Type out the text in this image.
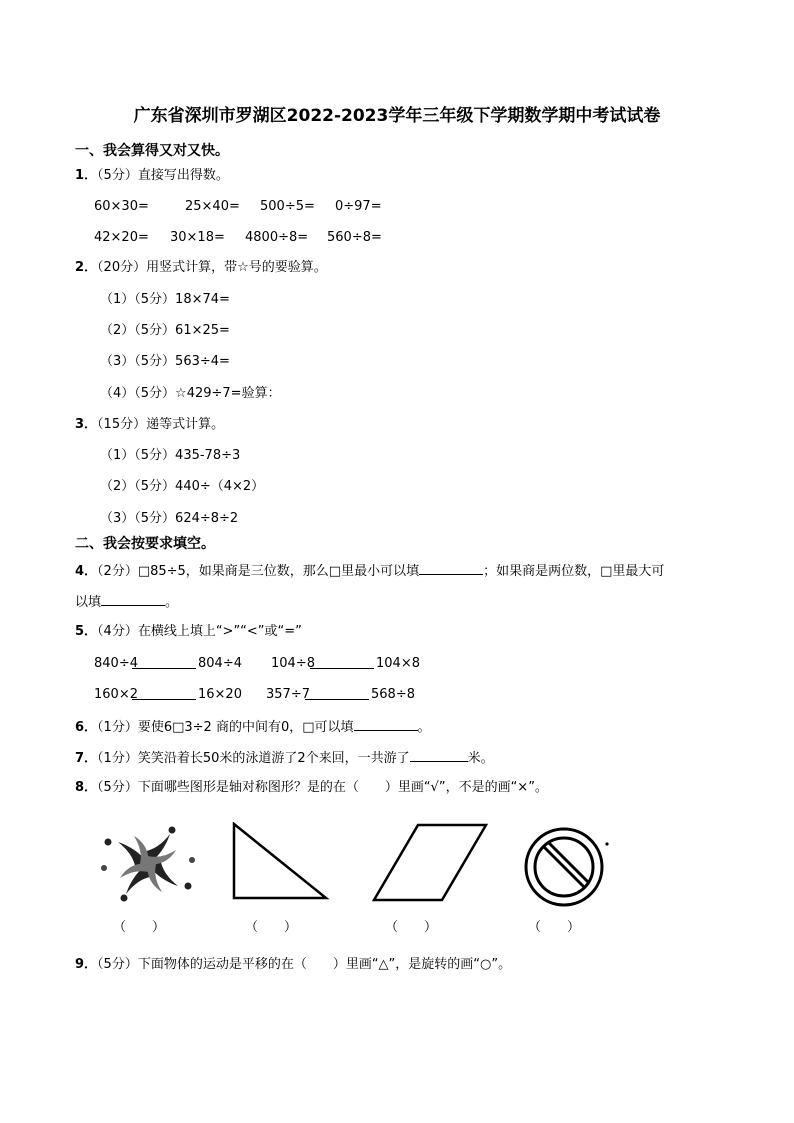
广东省深圳市罗湖区2022-2023学年三年级下学期数学期中考试试卷
一、我会算得又对又快。
1．（5分）直接写出得数。
60×30=	25×40= 500÷5= 0÷97=
42×20= 30×18= 4800÷8= 560÷8=
2．（20分）用竖式计算，带☆号的要验算。
（1）（5分）18×74=
（2）（5分）61×25=
（3）（5分）563÷4=
（4）（5分）☆429÷7=验算：
3．（15分）递等式计算。
（1）（5分）435-78÷3
（2）（5分）440÷（4×2）
（3）（5分）624÷8÷2
二、我会按要求填空。
4．（2分）□85÷5，如果商是三位数，那么□里最小可以填	；如果商是两位数，□里最大可
以填	。
5．（4分）在横线上填上“>”“<”或“=”
840÷4	804÷4 104÷8	104×8
160×2	16×20 357÷7	568÷8
6．（1分）要使6□3÷2 商的中间有0，□可以填	。
7．（1分）笑笑沿着长50米的泳道游了2个来回，一共游了	米。
8．（5分）下面哪些图形是轴对称图形？是的在（　　）里画“√”，不是的画“×”。
（　　）	（　　）	（　　）	（　　）
9．（5分）下面物体的运动是平移的在（　　）里画“△”，是旋转的画“○”。
